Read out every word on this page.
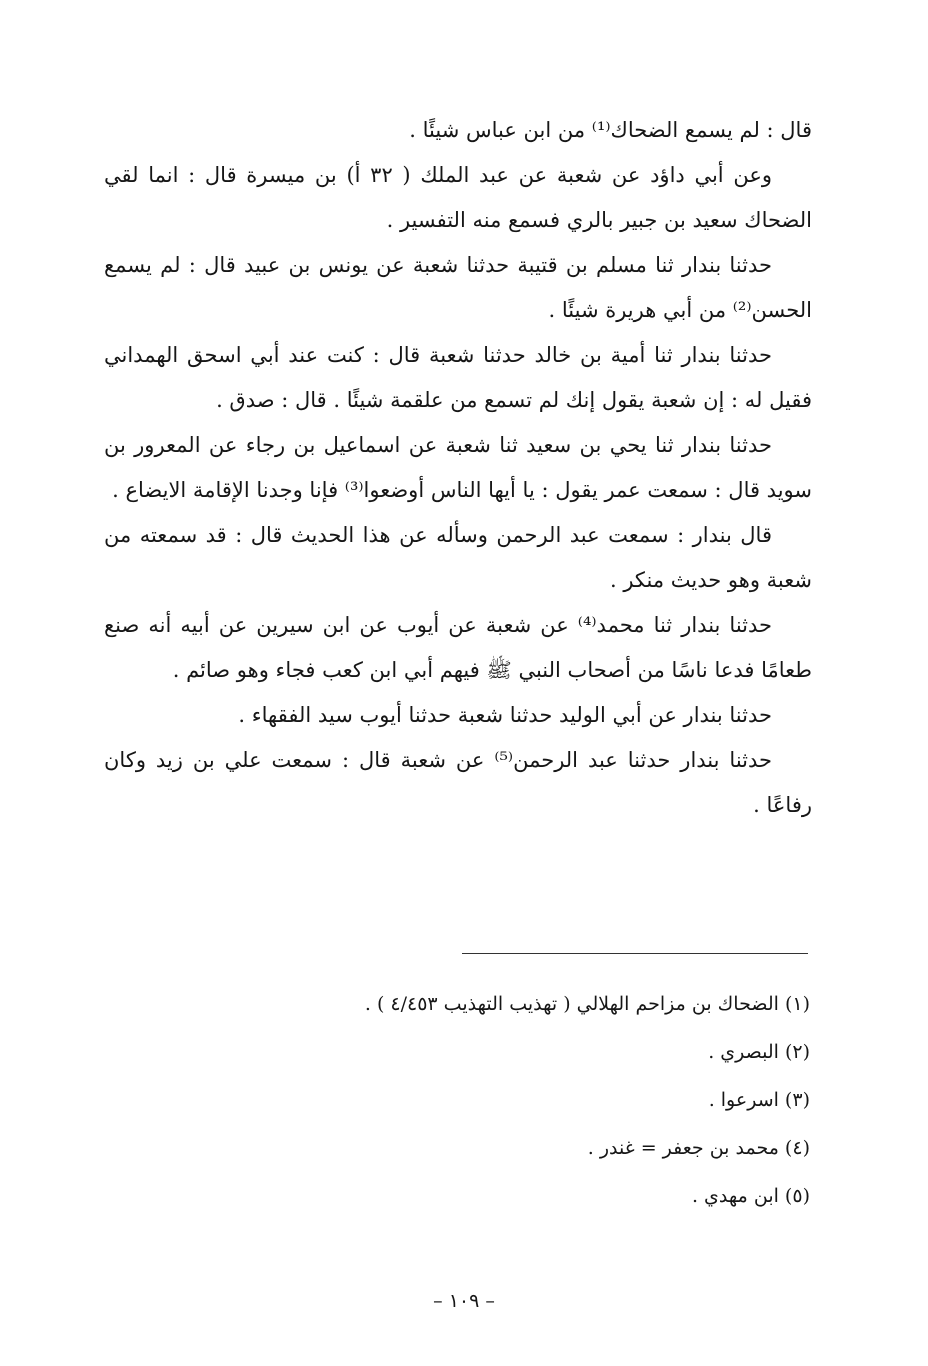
قال : لم يسمع الضحاك⁽¹⁾ من ابن عباس شيئًا .

وعن أبي داؤد عن شعبة عن عبد الملك ( ٣٢ أ) بن ميسرة قال : انما لقي الضحاك سعيد بن جبير بالري فسمع منه التفسير .

حدثنا بندار ثنا مسلم بن قتيبة حدثنا شعبة عن يونس بن عبيد قال : لم يسمع الحسن⁽²⁾ من أبي هريرة شيئًا .

حدثنا بندار ثنا أمية بن خالد حدثنا شعبة قال : كنت عند أبي اسحق الهمداني فقيل له : إن شعبة يقول إنك لم تسمع من علقمة شيئًا . قال : صدق .

حدثنا بندار ثنا يحي بن سعيد ثنا شعبة عن اسماعيل بن رجاء عن المعرور بن سويد قال : سمعت عمر يقول : يا أيها الناس أوضعوا⁽³⁾ فإنا وجدنا الإقامة الايضاع .

قال بندار : سمعت عبد الرحمن وسأله عن هذا الحديث قال : قد سمعته من شعبة وهو حديث منكر .

حدثنا بندار ثنا محمد⁽⁴⁾ عن شعبة عن أيوب عن ابن سيرين عن أبيه أنه صنع طعامًا فدعا ناسًا من أصحاب النبي ﷺ فيهم أبي ابن كعب فجاء وهو صائم .

حدثنا بندار عن أبي الوليد حدثنا شعبة حدثنا أيوب سيد الفقهاء .

حدثنا بندار حدثنا عبد الرحمن⁽⁵⁾ عن شعبة قال : سمعت علي بن زيد وكان رفاعًا .

(١) الضحاك بن مزاحم الهلالي ( تهذيب التهذيب ٤/٤٥٣ ) .

(٢) البصري .

(٣) اسرعوا .

(٤) محمد بن جعفر = غندر .

(٥) ابن مهدي .

– ١٠٩ –
